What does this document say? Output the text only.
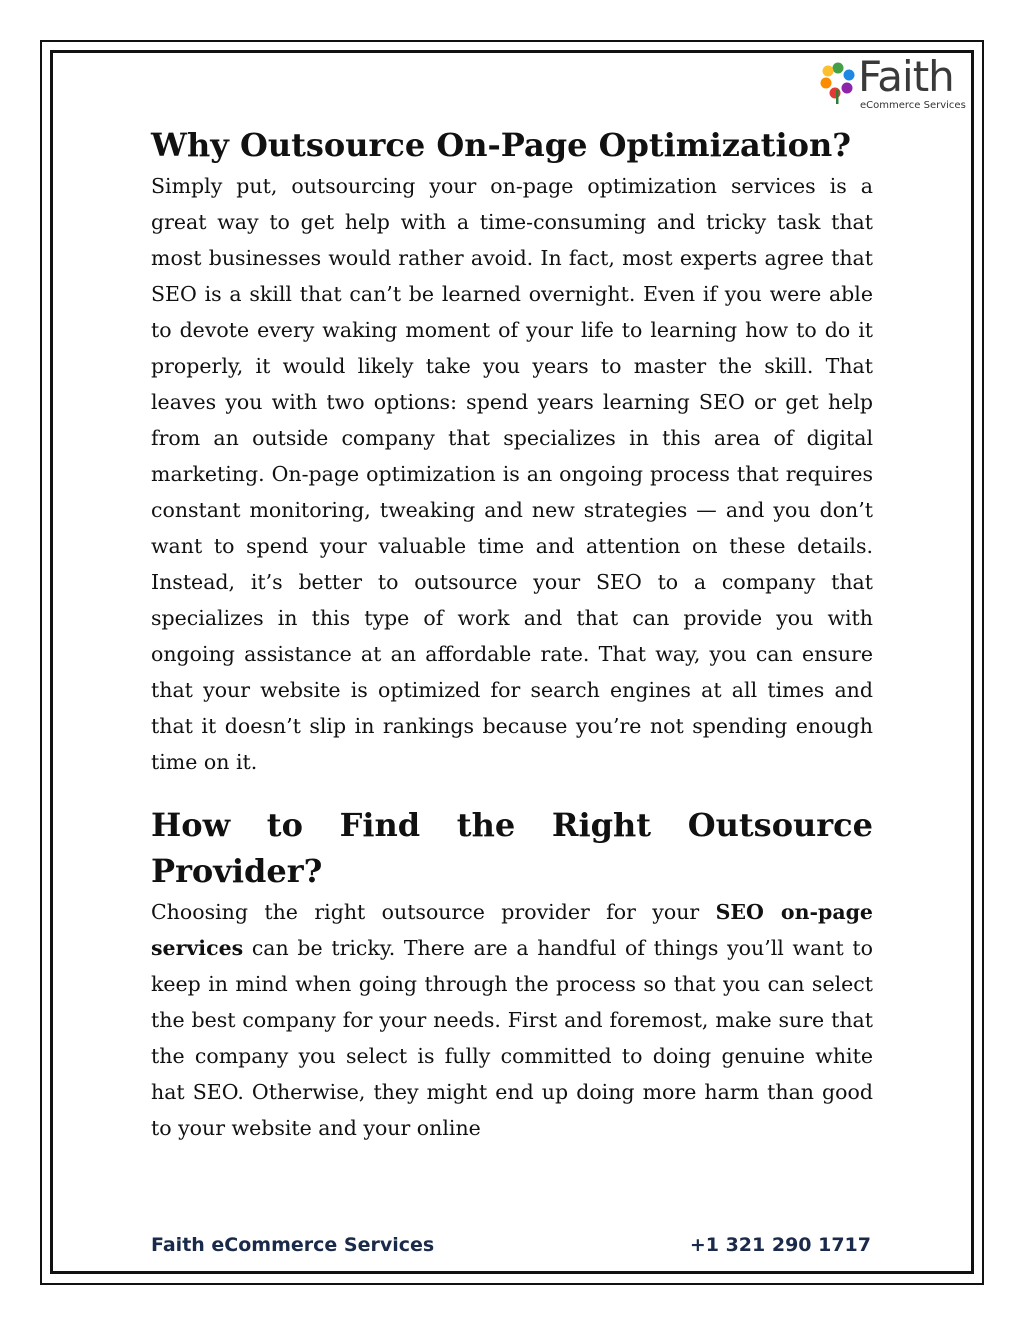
Faith
eCommerce Services
Why Outsource On-Page Optimization?

Simply put, outsourcing your on-page optimization services is a great way to get help with a time-consuming and tricky task that most businesses would rather avoid. In fact, most experts agree that SEO is a skill that can’t be learned overnight. Even if you were able to devote every waking moment of your life to learning how to do it properly, it would likely take you years to master the skill. That leaves you with two options: spend years learning SEO or get help from an outside company that specializes in this area of digital marketing. On-page optimization is an ongoing process that requires constant monitoring, tweaking and new strategies — and you don’t want to spend your valuable time and attention on these details. Instead, it’s better to outsource your SEO to a company that specializes in this type of work and that can provide you with ongoing assistance at an affordable rate. That way, you can ensure that your website is optimized for search engines at all times and that it doesn’t slip in rankings because you’re not spending enough time on it.

How to Find the Right Outsource Provider?

Choosing the right outsource provider for your SEO on-page services can be tricky. There are a handful of things you’ll want to keep in mind when going through the process so that you can select the best company for your needs. First and foremost, make sure that the company you select is fully committed to doing genuine white hat SEO. Otherwise, they might end up doing more harm than good to your website and your online

Faith eCommerce Services	+1 321 290 1717
